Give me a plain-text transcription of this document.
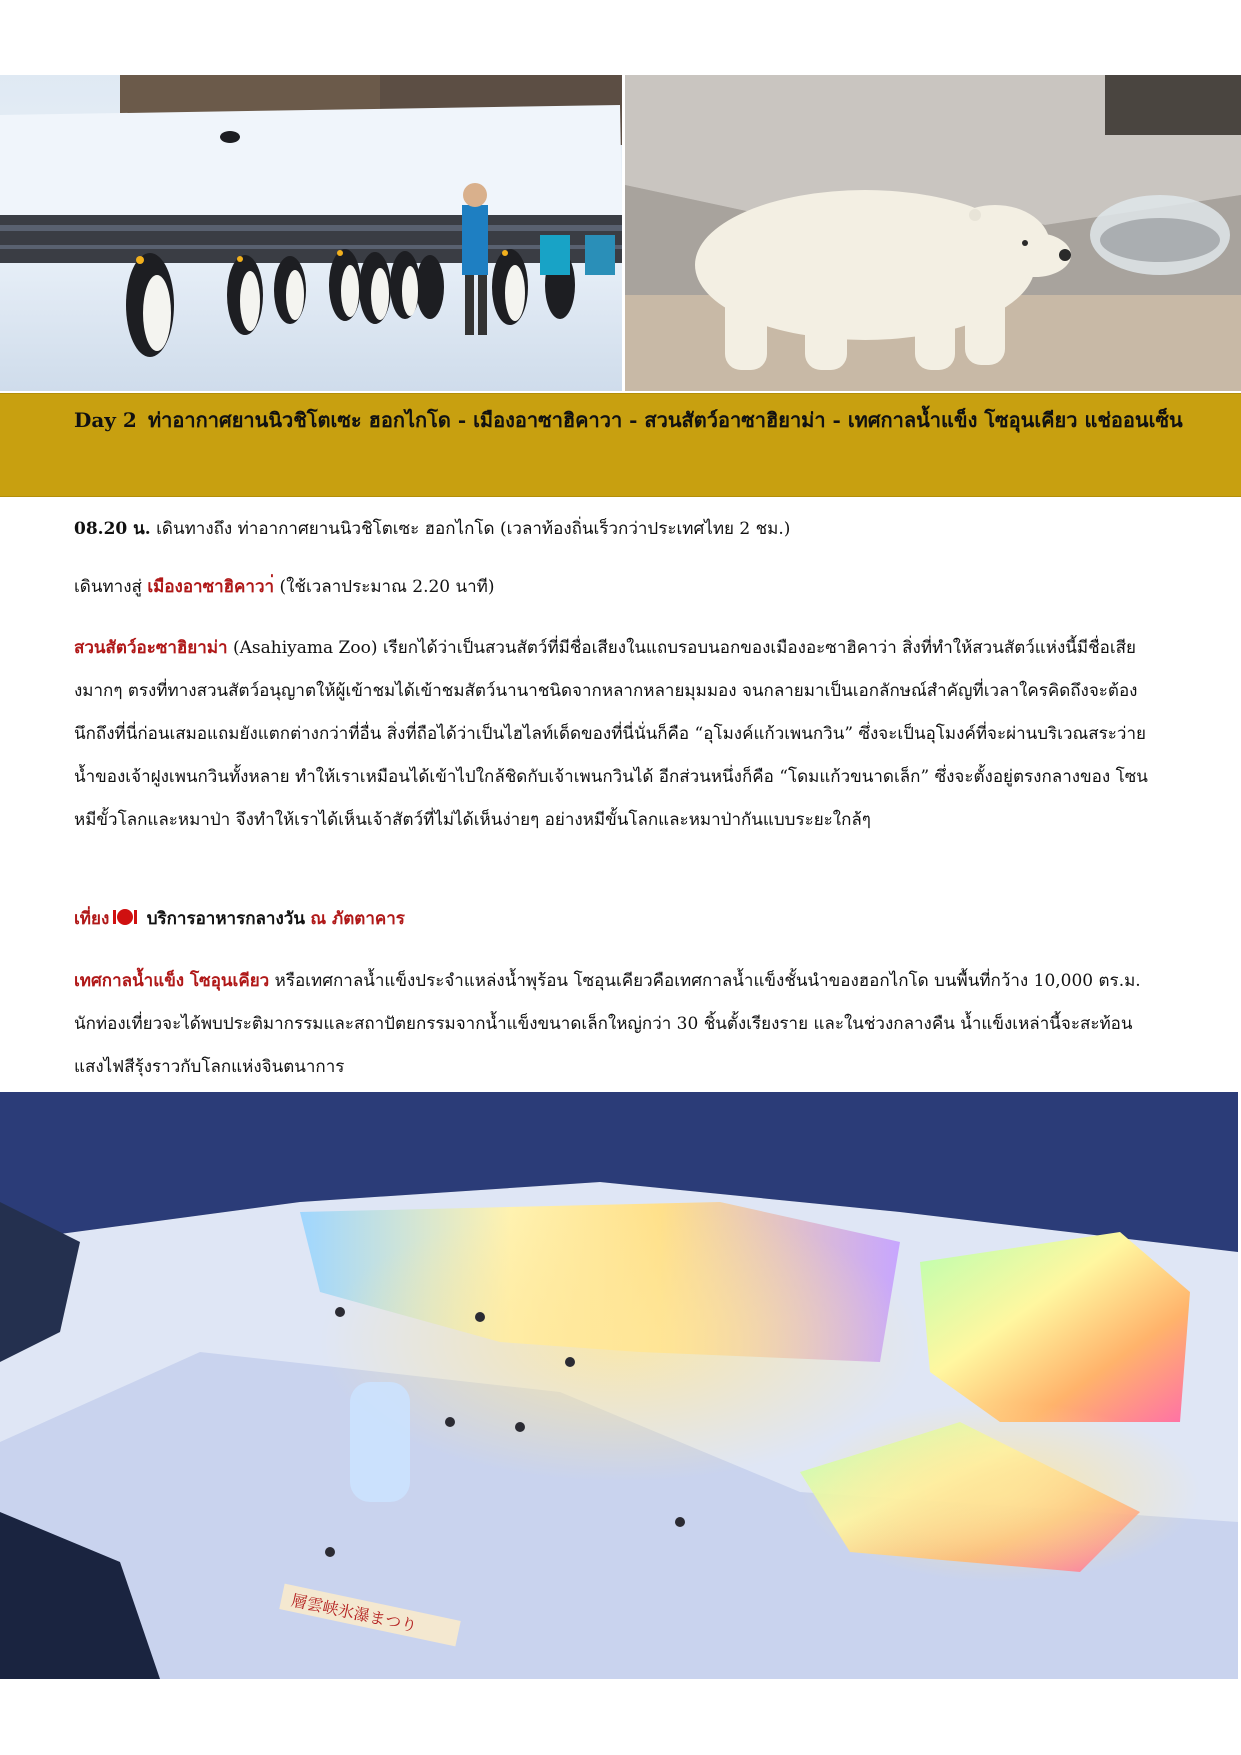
Day 2 ท่าอากาศยานนิวชิโตเซะ ฮอกไกโด - เมืองอาซาฮิคาวา - สวนสัตว์อาซาฮิยาม่า - เทศกาลน้ำแข็ง โซอุนเคียว แช่ออนเซ็น
08.20 น. เดินทางถึง ท่าอากาศยานนิวชิโตเซะ ฮอกไกโด (เวลาท้องถิ่นเร็วกว่าประเทศไทย 2 ชม.)
เดินทางสู่ เมืองอาซาฮิคาวา่ (ใช้เวลาประมาณ 2.20 นาที)
สวนสัตว์อะซาฮิยาม่า (Asahiyama Zoo) เรียกได้ว่าเป็นสวนสัตว์ที่มีชื่อเสียงในแถบรอบนอกของเมืองอะซาฮิคาว่า สิ่งที่ทำให้สวนสัตว์แห่งนี้มีชื่อเสียงมากๆ ตรงที่ทางสวนสัตว์อนุญาตให้ผู้เข้าชมได้เข้าชมสัตว์นานาชนิดจากหลากหลายมุมมอง จนกลายมาเป็นเอกลักษณ์สำคัญที่เวลาใครคิดถึงจะต้องนึกถึงที่นี่ก่อนเสมอแถมยังแตกต่างกว่าที่อื่น สิ่งที่ถือได้ว่าเป็นไฮไลท์เด็ดของที่นี่นั่นก็คือ “อุโมงค์แก้วเพนกวิน” ซึ่งจะเป็นอุโมงค์ที่จะผ่านบริเวณสระว่ายน้ำของเจ้าฝูงเพนกวินทั้งหลาย ทำให้เราเหมือนได้เข้าไปใกล้ชิดกับเจ้าเพนกวินได้ อีกส่วนหนึ่งก็คือ “โดมแก้วขนาดเล็ก” ซึ่งจะตั้งอยู่ตรงกลางของ โซนหมีขั้วโลกและหมาป่า จึงทำให้เราได้เห็นเจ้าสัตว์ที่ไม่ได้เห็นง่ายๆ อย่างหมีขั้นโลกและหมาป่ากันแบบระยะใกล้ๆ
เที่ยง บริการอาหารกลางวัน ณ ภัตตาคาร
เทศกาลน้ำแข็ง โซอุนเคียว หรือเทศกาลน้ำแข็งประจำแหล่งน้ำพุร้อน โซอุนเคียวคือเทศกาลน้ำแข็งชั้นนำของฮอกไกโด บนพื้นที่กว้าง 10,000 ตร.ม. นักท่องเที่ยวจะได้พบประติมากรรมและสถาปัตยกรรมจากน้ำแข็งขนาดเล็กใหญ่กว่า 30 ชิ้นตั้งเรียงราย และในช่วงกลางคืน น้ำแข็งเหล่านี้จะสะท้อนแสงไฟสีรุ้งราวกับโลกแห่งจินตนาการ
層雲峡氷瀑まつり
